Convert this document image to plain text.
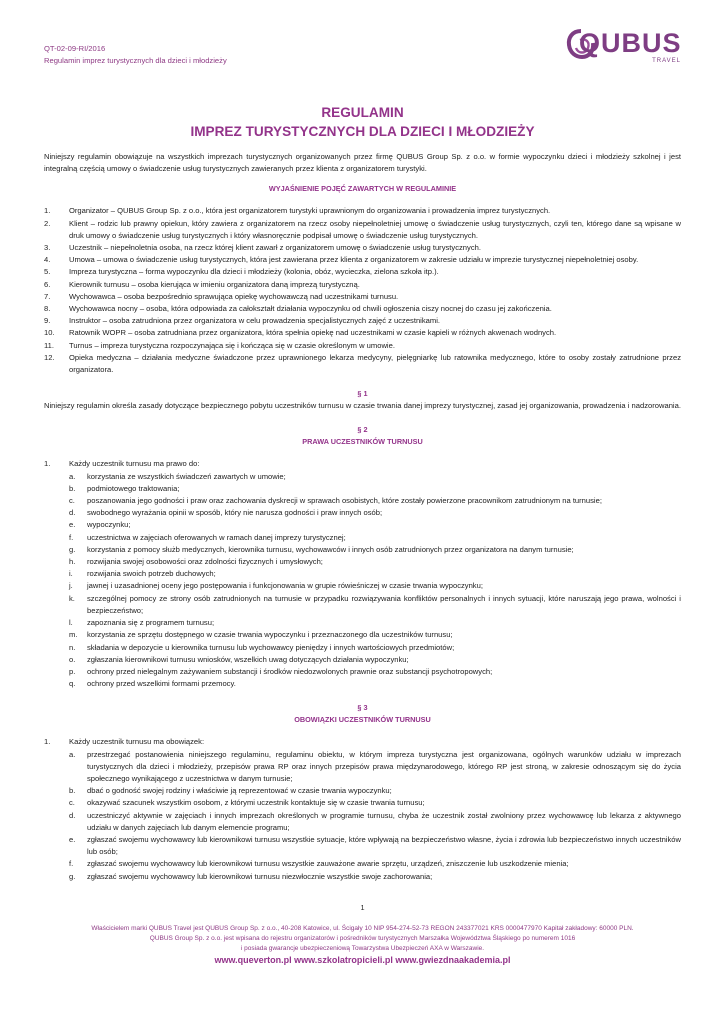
QT-02-09-RI/2016
Regulamin imprez turystycznych dla dzieci i młodzieży
QUBUS
TRAVEL
REGULAMIN
IMPREZ TURYSTYCZNYCH DLA DZIECI I MŁODZIEŻY

Niniejszy regulamin obowiązuje na wszystkich imprezach turystycznych organizowanych przez firmę QUBUS Group Sp. z o.o. w formie wypoczynku dzieci i młodzieży szkolnej i jest integralną częścią umowy o świadczenie usług turystycznych zawieranych przez klienta z organizatorem turystyki.

WYJAŚNIENIE POJĘĆ ZAWARTYCH W REGULAMINIE
1. Organizator – QUBUS Group Sp. z o.o., która jest organizatorem turystyki uprawnionym do organizowania i prowadzenia imprez turystycznych.
2. Klient – rodzic lub prawny opiekun, który zawiera z organizatorem na rzecz osoby niepełnoletniej umowę o świadczenie usług turystycznych, czyli ten, którego dane są wpisane w druk umowy o świadczenie usług turystycznych i który własnoręcznie podpisał umowę o świadczenie usług turystycznych.
3. Uczestnik – niepełnoletnia osoba, na rzecz której klient zawarł z organizatorem umowę o świadczenie usług turystycznych.
4. Umowa – umowa o świadczenie usług turystycznych, która jest zawierana przez klienta z organizatorem w zakresie udziału w imprezie turystycznej niepełnoletniej osoby.
5. Impreza turystyczna – forma wypoczynku dla dzieci i młodzieży (kolonia, obóz, wycieczka, zielona szkoła itp.).
6. Kierownik turnusu – osoba kierująca w imieniu organizatora daną imprezą turystyczną.
7. Wychowawca – osoba bezpośrednio sprawująca opiekę wychowawczą nad uczestnikami turnusu.
8. Wychowawca nocny – osoba, która odpowiada za całokształt działania wypoczynku od chwili ogłoszenia ciszy nocnej do czasu jej zakończenia.
9. Instruktor – osoba zatrudniona przez organizatora w celu prowadzenia specjalistycznych zajęć z uczestnikami.
10. Ratownik WOPR – osoba zatrudniana przez organizatora, która spełnia opiekę nad uczestnikami w czasie kąpieli w różnych akwenach wodnych.
11. Turnus – impreza turystyczna rozpoczynająca się i kończąca się w czasie określonym w umowie.
12. Opieka medyczna – działania medyczne świadczone przez uprawnionego lekarza medycyny, pielęgniarkę lub ratownika medycznego, które to osoby zostały zatrudnione przez organizatora.
§ 1

Niniejszy regulamin określa zasady dotyczące bezpiecznego pobytu uczestników turnusu w czasie trwania danej imprezy turystycznej, zasad jej organizowania, prowadzenia i nadzorowania.

§ 2
PRAWA UCZESTNIKÓW TURNUSU
1. Każdy uczestnik turnusu ma prawo do:
a. korzystania ze wszystkich świadczeń zawartych w umowie;
b. podmiotowego traktowania;
c. poszanowania jego godności i praw oraz zachowania dyskrecji w sprawach osobistych, które zostały powierzone pracownikom zatrudnionym na turnusie;
d. swobodnego wyrażania opinii w sposób, który nie narusza godności i praw innych osób;
e. wypoczynku;
f. uczestnictwa w zajęciach oferowanych w ramach danej imprezy turystycznej;
g. korzystania z pomocy służb medycznych, kierownika turnusu, wychowawców i innych osób zatrudnionych przez organizatora na danym turnusie;
h. rozwijania swojej osobowości oraz zdolności fizycznych i umysłowych;
i. rozwijania swoich potrzeb duchowych;
j. jawnej i uzasadnionej oceny jego postępowania i funkcjonowania w grupie rówieśniczej w czasie trwania wypoczynku;
k. szczególnej pomocy ze strony osób zatrudnionych na turnusie w przypadku rozwiązywania konfliktów personalnych i innych sytuacji, które naruszają jego prawa, wolności i bezpieczeństwo;
l. zapoznania się z programem turnusu;
m. korzystania ze sprzętu dostępnego w czasie trwania wypoczynku i przeznaczonego dla uczestników turnusu;
n. składania w depozycie u kierownika turnusu lub wychowawcy pieniędzy i innych wartościowych przedmiotów;
o. zgłaszania kierownikowi turnusu wniosków, wszelkich uwag dotyczących działania wypoczynku;
p. ochrony przed nielegalnym zażywaniem substancji i środków niedozwolonych prawnie oraz substancji psychotropowych;
q. ochrony przed wszelkimi formami przemocy.
§ 3
OBOWIĄZKI UCZESTNIKÓW TURNUSU
1. Każdy uczestnik turnusu ma obowiązek:
a. przestrzegać postanowienia niniejszego regulaminu, regulaminu obiektu, w którym impreza turystyczna jest organizowana, ogólnych warunków udziału w imprezach turystycznych dla dzieci i młodzieży, przepisów prawa RP oraz innych przepisów prawa międzynarodowego, którego RP jest stroną, w zakresie odnoszącym się do życia społecznego wynikającego z uczestnictwa w danym turnusie;
b. dbać o godność swojej rodziny i właściwie ją reprezentować w czasie trwania wypoczynku;
c. okazywać szacunek wszystkim osobom, z którymi uczestnik kontaktuje się w czasie trwania turnusu;
d. uczestniczyć aktywnie w zajęciach i innych imprezach określonych w programie turnusu, chyba że uczestnik został zwolniony przez wychowawcę lub lekarza z aktywnego udziału w danych zajęciach lub danym elemencie programu;
e. zgłaszać swojemu wychowawcy lub kierownikowi turnusu wszystkie sytuacje, które wpływają na bezpieczeństwo własne, życia i zdrowia lub bezpieczeństwo innych uczestników lub osób;
f. zgłaszać swojemu wychowawcy lub kierownikowi turnusu wszystkie zauważone awarie sprzętu, urządzeń, zniszczenie lub uszkodzenie mienia;
g. zgłaszać swojemu wychowawcy lub kierownikowi turnusu niezwłocznie wszystkie swoje zachorowania;
1
Właścicielem marki QUBUS Travel jest QUBUS Group Sp. z o.o., 40-208 Katowice, ul. Ścigały 10 NIP 954-274-52-73 REGON 243377021 KRS 0000477970 Kapitał zakładowy: 60000 PLN.
QUBUS Group Sp. z o.o. jest wpisana do rejestru organizatorów i pośredników turystycznych Marszałka Województwa Śląskiego po numerem 1016
i posiada gwarancje ubezpieczeniową Towarzystwa Ubezpieczeń AXA w Warszawie.
www.queverton.pl www.szkolatropicieli.pl www.gwiezdnaakademia.pl
